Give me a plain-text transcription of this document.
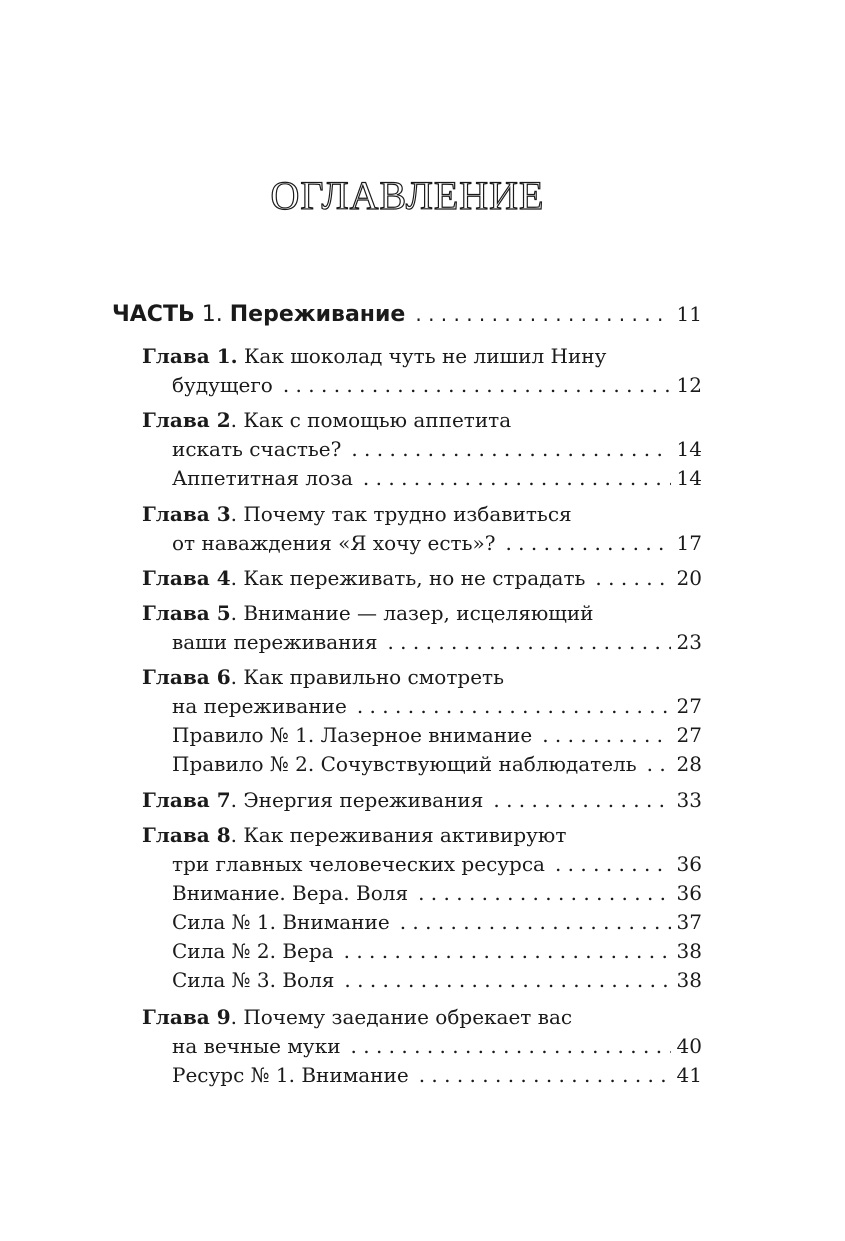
ОГЛАВЛЕНИЕ
ЧАСТЬ 1. Переживание . . .	11
Глава 1. Как шоколад чуть не лишил Нину
будущего . . .	12
Глава 2. Как с помощью аппетита
искать счастье? . . .	14
Аппетитная лоза . . .	14
Глава 3. Почему так трудно избавиться
от наваждения «Я хочу есть»? . . .	17
Глава 4. Как переживать, но не страдать . . .	20
Глава 5. Внимание — лазер, исцеляющий
ваши переживания . . .	23
Глава 6. Как правильно смотреть
на переживание . . .	27
Правило № 1. Лазерное внимание . . .	27
Правило № 2. Сочувствующий наблюдатель . . . 28
Глава 7. Энергия переживания . . .	33
Глава 8. Как переживания активируют
три главных человеческих ресурса . . .	36
Внимание. Вера. Воля . . .	36
Сила № 1. Внимание . . .	37
Сила № 2. Вера . . .	38
Сила № 3. Воля . . .	38
Глава 9. Почему заедание обрекает вас
на вечные муки . . .	40
Ресурс № 1. Внимание . . .	41
